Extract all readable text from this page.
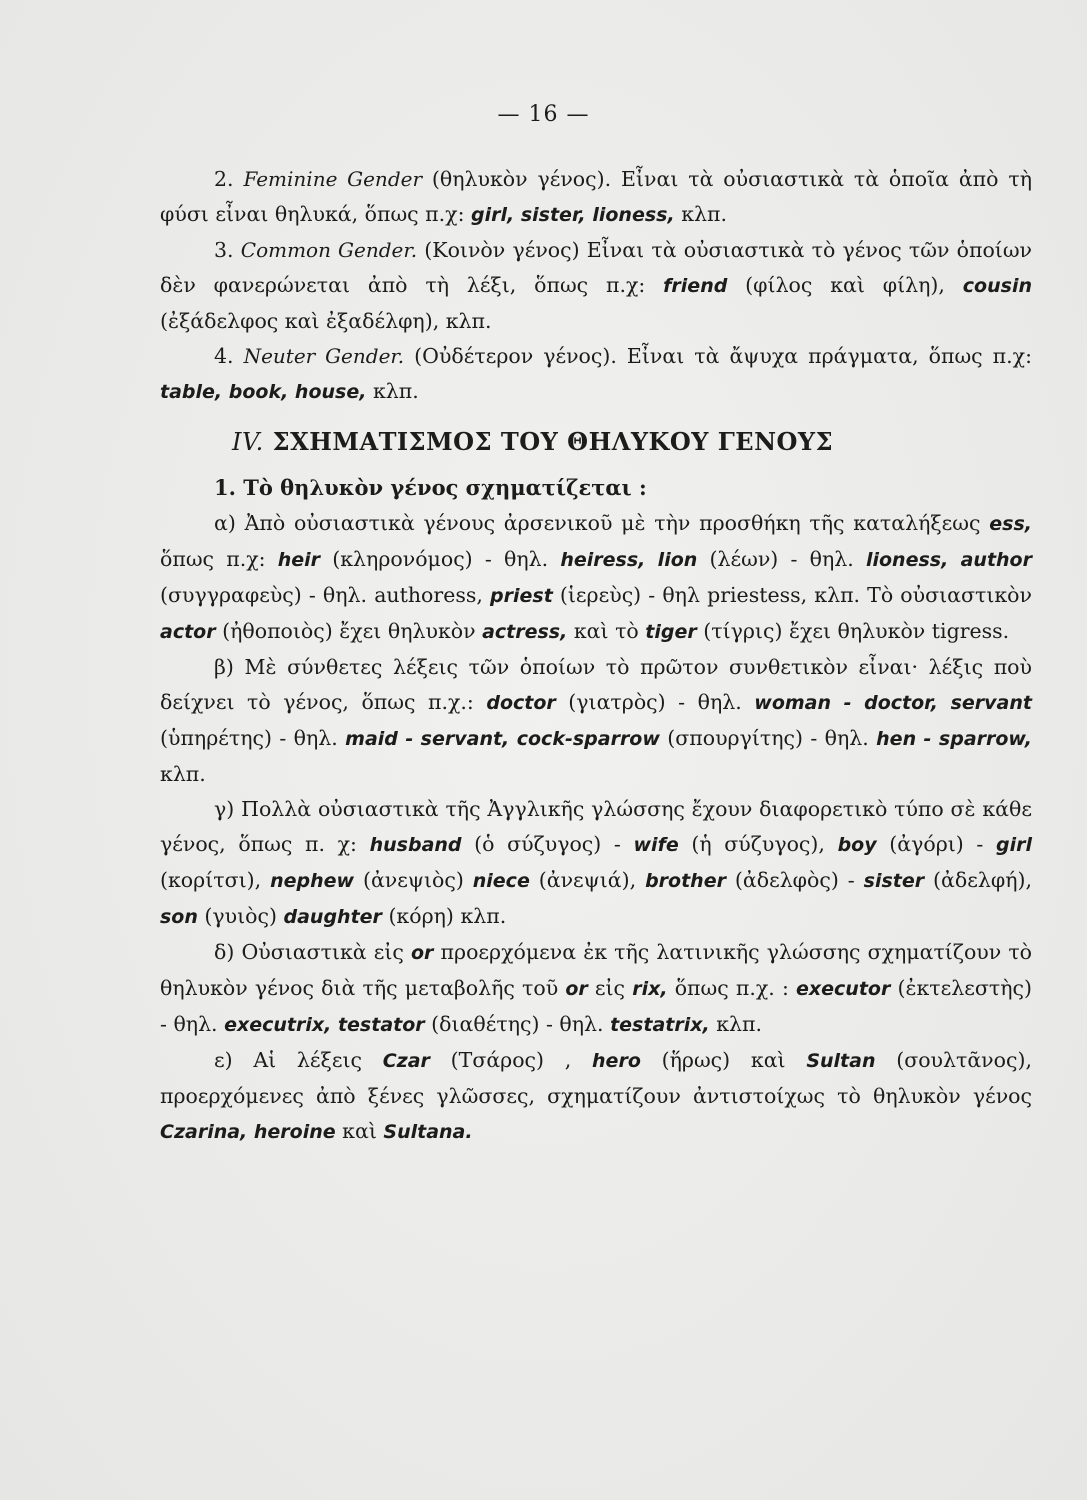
— 16 —

2. Feminine Gender (θηλυκὸν γένος). Εἶναι τὰ οὐσιαστικὰ τὰ ὁποῖα ἀπὸ τὴ φύσι εἶναι θηλυκά, ὅπως π.χ: girl, sister, lioness, κλπ.

3. Common Gender. (Κοινὸν γένος) Εἶναι τὰ οὐσιαστικὰ τὸ γένος τῶν ὁποίων δὲν φανερώνεται ἀπὸ τὴ λέξι, ὅπως π.χ: friend (φίλος καὶ φίλη), cousin (ἐξάδελφος καὶ ἐξαδέλφη), κλπ.

4. Neuter Gender. (Οὐδέτερον γένος). Εἶναι τὰ ἄψυχα πράγματα, ὅπως π.χ: table, book, house, κλπ.

IV. ΣΧΗΜΑΤΙΣΜΟΣ ΤΟΥ ΘΗΛΥΚΟΥ ΓΕΝΟΥΣ

1. Τὸ θηλυκὸν γένος σχηματίζεται :

α) Ἀπὸ οὐσιαστικὰ γένους ἀρσενικοῦ μὲ τὴν προσθήκη τῆς καταλήξεως ess, ὅπως π.χ: heir (κληρονόμος) - θηλ. heiress, lion (λέων) - θηλ. lioness, author (συγγραφεὺς) - θηλ. authoress, priest (ἱερεὺς) - θηλ priestess, κλπ. Τὸ οὐσιαστικὸν actor (ἠθοποιὸς) ἔχει θηλυκὸν actress, καὶ τὸ tiger (τίγρις) ἔχει θηλυκὸν tigress.

β) Μὲ σύνθετες λέξεις τῶν ὁποίων τὸ πρῶτον συνθετικὸν εἶναι· λέξις ποὺ δείχνει τὸ γένος, ὅπως π.χ.: doctor (γιατρὸς) - θηλ. woman - doctor, servant (ὑπηρέτης) - θηλ. maid - servant, cock-sparrow (σπουργίτης) - θηλ. hen - sparrow, κλπ.

γ) Πολλὰ οὐσιαστικὰ τῆς Ἀγγλικῆς γλώσσης ἔχουν διαφορετικὸ τύπο σὲ κάθε γένος, ὅπως π. χ: husband (ὁ σύζυγος) - wife (ἡ σύζυγος), boy (ἀγόρι) - girl (κορίτσι), nephew (ἀνεψιὸς) niece (ἀνεψιά), brother (ἀδελφὸς) - sister (ἀδελφή), son (γυιὸς) daughter (κόρη) κλπ.

δ) Οὐσιαστικὰ εἰς or προερχόμενα ἐκ τῆς λατινικῆς γλώσσης σχηματίζουν τὸ θηλυκὸν γένος διὰ τῆς μεταβολῆς τοῦ or εἰς rix, ὅπως π.χ. : executor (ἐκτελεστὴς) - θηλ. executrix, testator (διαθέτης) - θηλ. testatrix, κλπ.

ε) Αἱ λέξεις Czar (Τσάρος) , hero (ἥρως) καὶ Sultan (σουλτᾶνος), προερχόμενες ἀπὸ ξένες γλῶσσες, σχηματίζουν ἀντιστοίχως τὸ θηλυκὸν γένος Czarina, heroine καὶ Sultana.
